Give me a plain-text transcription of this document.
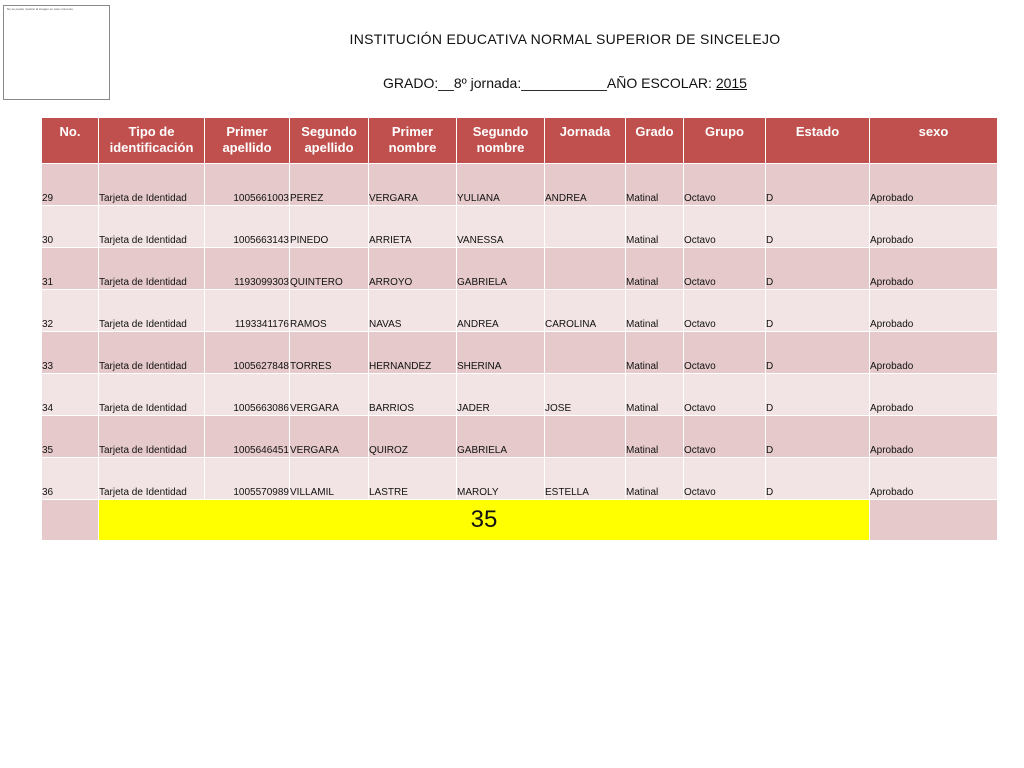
No se puede mostrar la imagen en este momento.
INSTITUCIÓN EDUCATIVA NORMAL SUPERIOR DE SINCELEJO
GRADO:__8º jornada:___________AÑO ESCOLAR: 2015
No.	Tipo de identificación	Primer apellido	Segundo apellido	Primer nombre	Segundo nombre	Jornada	Grado	Grupo	Estado	sexo
29	Tarjeta de Identidad	1005661003	PEREZ	VERGARA	YULIANA	ANDREA	Matinal	Octavo	D	Aprobado
30	Tarjeta de Identidad	1005663143	PINEDO	ARRIETA	VANESSA		Matinal	Octavo	D	Aprobado
31	Tarjeta de Identidad	1193099303	QUINTERO	ARROYO	GABRIELA		Matinal	Octavo	D	Aprobado
32	Tarjeta de Identidad	1193341176	RAMOS	NAVAS	ANDREA	CAROLINA	Matinal	Octavo	D	Aprobado
33	Tarjeta de Identidad	1005627848	TORRES	HERNANDEZ	SHERINA		Matinal	Octavo	D	Aprobado
34	Tarjeta de Identidad	1005663086	VERGARA	BARRIOS	JADER	JOSE	Matinal	Octavo	D	Aprobado
35	Tarjeta de Identidad	1005646451	VERGARA	QUIROZ	GABRIELA		Matinal	Octavo	D	Aprobado
36	Tarjeta de Identidad	1005570989	VILLAMIL	LASTRE	MAROLY	ESTELLA	Matinal	Octavo	D	Aprobado
	35									
